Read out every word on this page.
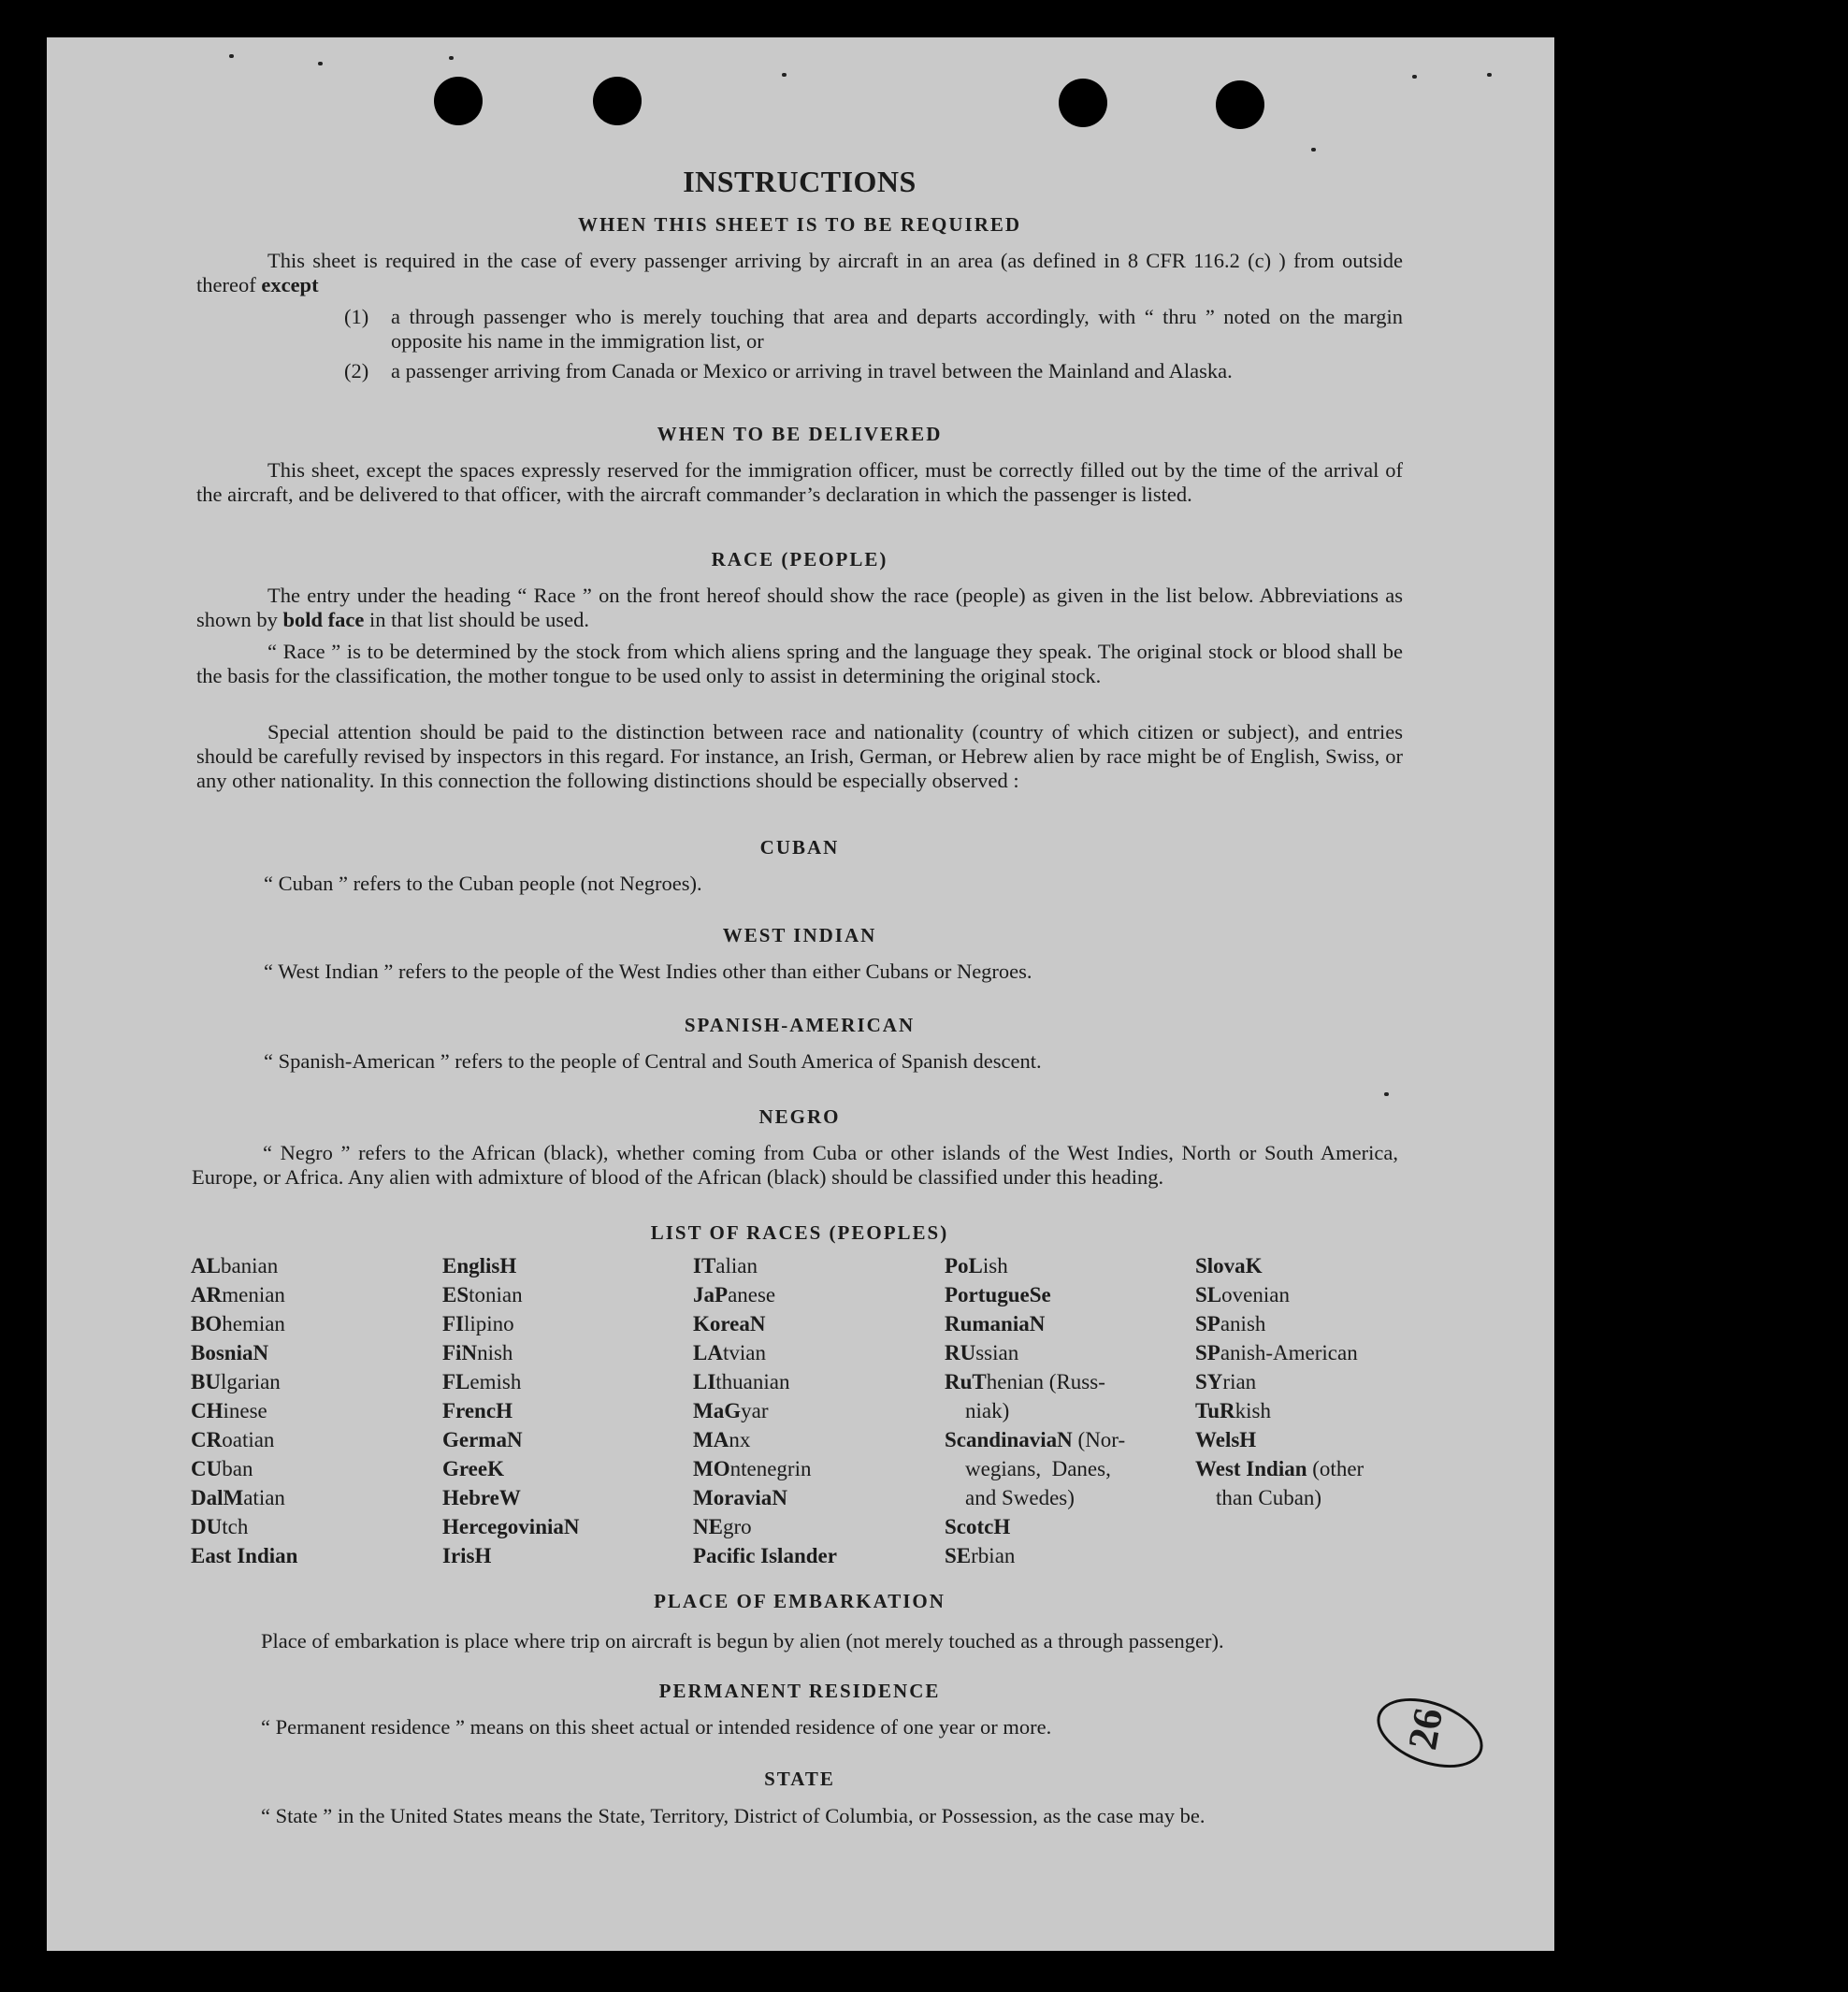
INSTRUCTIONS
WHEN THIS SHEET IS TO BE REQUIRED

This sheet is required in the case of every passenger arriving by aircraft in an area (as defined in 8 CFR 116.2 (c) ) from outside thereof except

(1) a through passenger who is merely touching that area and departs accordingly, with “ thru ” noted on the margin opposite his name in the immigration list, or
(2) a passenger arriving from Canada or Mexico or arriving in travel between the Mainland and Alaska.
WHEN TO BE DELIVERED

This sheet, except the spaces expressly reserved for the immigration officer, must be correctly filled out by the time of the arrival of the aircraft, and be delivered to that officer, with the aircraft commander’s declaration in which the passenger is listed.

RACE (PEOPLE)

The entry under the heading “ Race ” on the front hereof should show the race (people) as given in the list below. Abbreviations as shown by bold face in that list should be used.

“ Race ” is to be determined by the stock from which aliens spring and the language they speak. The original stock or blood shall be the basis for the classification, the mother tongue to be used only to assist in determining the original stock.

Special attention should be paid to the distinction between race and nationality (country of which citizen or subject), and entries should be carefully revised by inspectors in this regard. For instance, an Irish, German, or Hebrew alien by race might be of English, Swiss, or any other nationality. In this connection the following distinctions should be especially observed :

CUBAN

“ Cuban ” refers to the Cuban people (not Negroes).

WEST INDIAN

“ West Indian ” refers to the people of the West Indies other than either Cubans or Negroes.

SPANISH-AMERICAN

“ Spanish-American ” refers to the people of Central and South America of Spanish descent.

NEGRO

“ Negro ” refers to the African (black), whether coming from Cuba or other islands of the West Indies, North or South America, Europe, or Africa. Any alien with admixture of blood of the African (black) should be classified under this heading.

LIST OF RACES (PEOPLES)
ALbanian
ARmenian
BOhemian
BosniaN
BUlgarian
CHinese
CRoatian
CUban
DalMatian
DUtch
East Indian
EnglisH
EStonian
FIlipino
FiNnish
FLemish
FrencH
GermaN
GreeK
HebreW
HercegoviniaN
IrisH
ITalian
JaPanese
KoreaN
LAtvian
LIthuanian
MaGyar
MAnx
MOntenegrin
MoraviaN
NEgro
Pacific Islander
PoLish
PortugueSe
RumaniaN
RUssian
RuThenian (Russ-
niak)
ScandinaviaN (Nor-
wegians,  Danes,
and Swedes)
ScotcH
SErbian
SlovaK
SLovenian
SPanish
SPanish-American
SYrian
TuRkish
WelsH
West Indian (other
than Cuban)
PLACE OF EMBARKATION

Place of embarkation is place where trip on aircraft is begun by alien (not merely touched as a through passenger).

PERMANENT RESIDENCE

“ Permanent residence ” means on this sheet actual or intended residence of one year or more.

STATE

“ State ” in the United States means the State, Territory, District of Columbia, or Possession, as the case may be.

26
